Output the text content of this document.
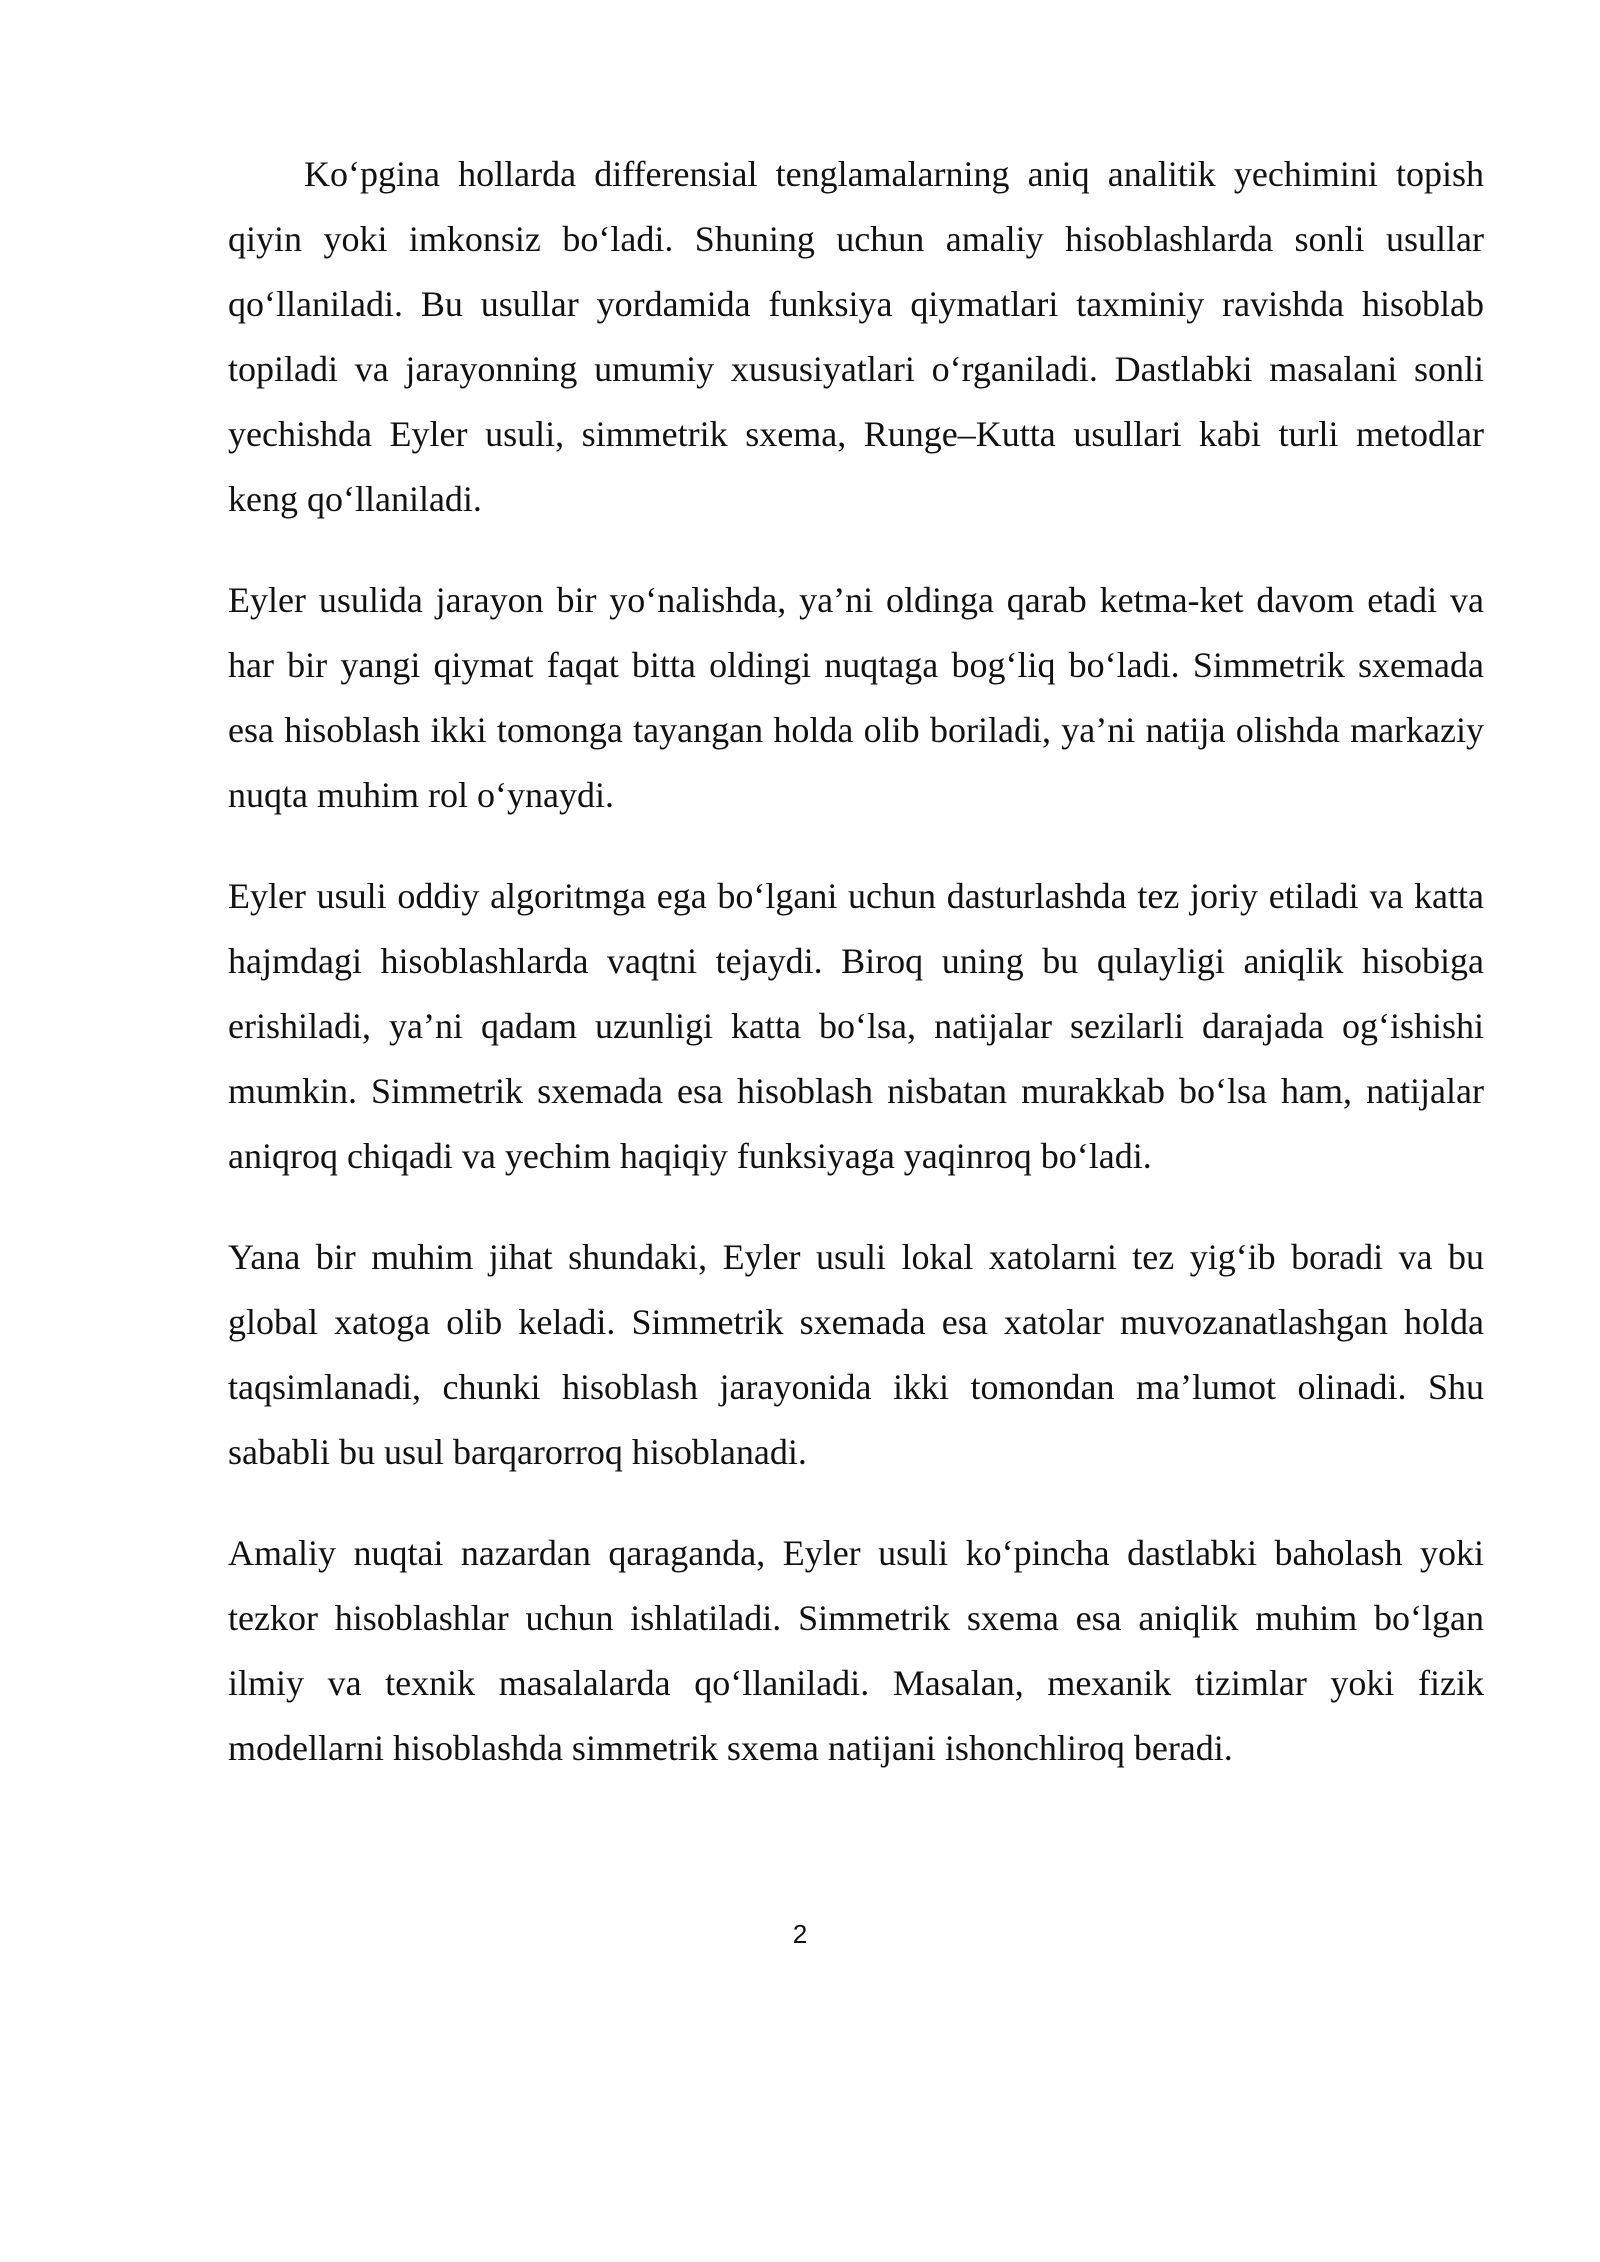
Ko‘pgina hollarda differensial tenglamalarning aniq analitik yechimini topish qiyin yoki imkonsiz bo‘ladi. Shuning uchun amaliy hisoblashlarda sonli usullar qo‘llaniladi. Bu usullar yordamida funksiya qiymatlari taxminiy ravishda hisoblab topiladi va jarayonning umumiy xususiyatlari o‘rganiladi. Dastlabki masalani sonli yechishda Eyler usuli, simmetrik sxema, Runge–Kutta usullari kabi turli metodlar keng qo‘llaniladi.

Eyler usulida jarayon bir yo‘nalishda, ya’ni oldinga qarab ketma-ket davom etadi va har bir yangi qiymat faqat bitta oldingi nuqtaga bog‘liq bo‘ladi. Simmetrik sxemada esa hisoblash ikki tomonga tayangan holda olib boriladi, ya’ni natija olishda markaziy nuqta muhim rol o‘ynaydi.

Eyler usuli oddiy algoritmga ega bo‘lgani uchun dasturlashda tez joriy etiladi va katta hajmdagi hisoblashlarda vaqtni tejaydi. Biroq uning bu qulayligi aniqlik hisobiga erishiladi, ya’ni qadam uzunligi katta bo‘lsa, natijalar sezilarli darajada og‘ishishi mumkin. Simmetrik sxemada esa hisoblash nisbatan murakkab bo‘lsa ham, natijalar aniqroq chiqadi va yechim haqiqiy funksiyaga yaqinroq bo‘ladi.

Yana bir muhim jihat shundaki, Eyler usuli lokal xatolarni tez yig‘ib boradi va bu global xatoga olib keladi. Simmetrik sxemada esa xatolar muvozanatlashgan holda taqsimlanadi, chunki hisoblash jarayonida ikki tomondan ma’lumot olinadi. Shu sababli bu usul barqarorroq hisoblanadi.

Amaliy nuqtai nazardan qaraganda, Eyler usuli ko‘pincha dastlabki baholash yoki tezkor hisoblashlar uchun ishlatiladi. Simmetrik sxema esa aniqlik muhim bo‘lgan ilmiy va texnik masalalarda qo‘llaniladi. Masalan, mexanik tizimlar yoki fizik modellarni hisoblashda simmetrik sxema natijani ishonchliroq beradi.

2
